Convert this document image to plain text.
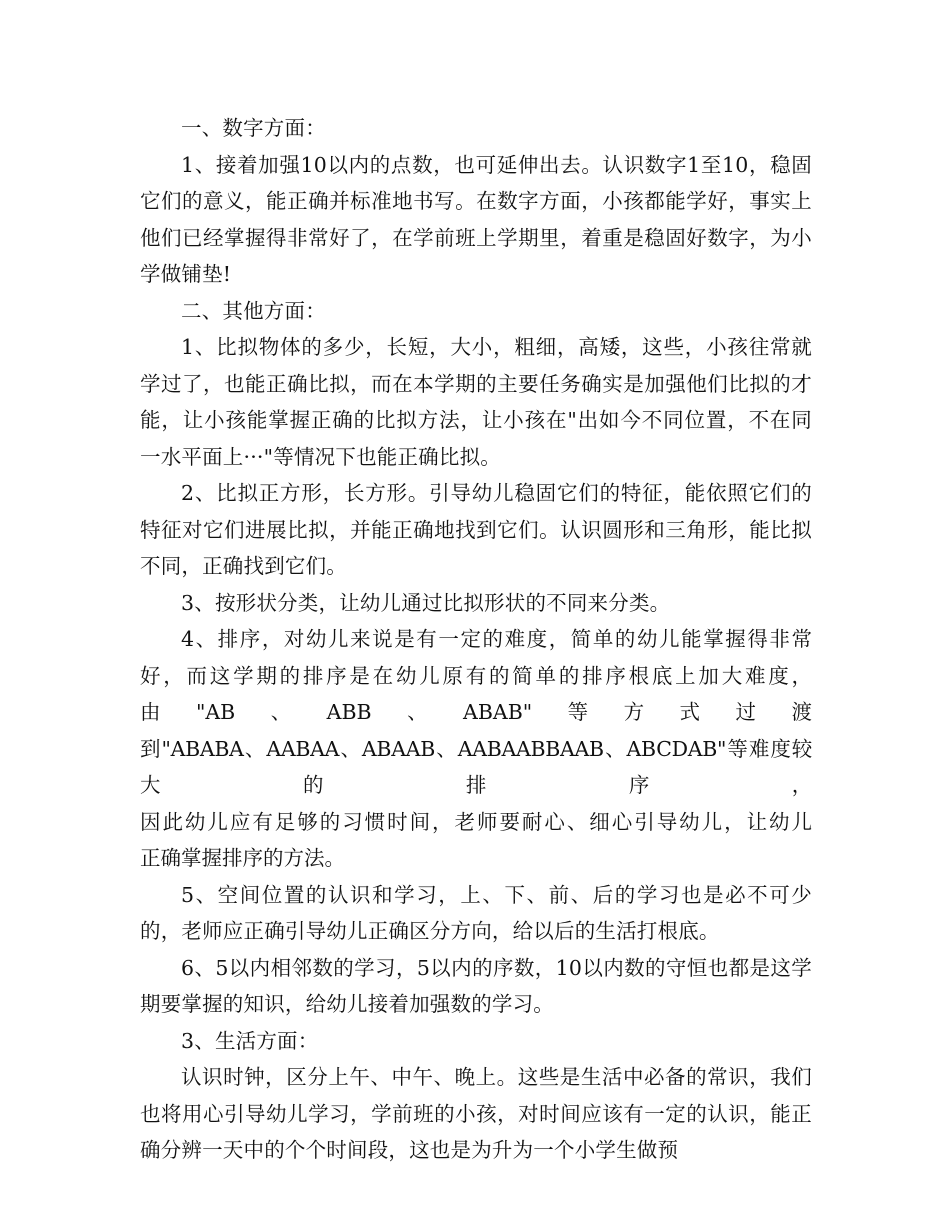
一、数字方面：

1、接着加强10以内的点数，也可延伸出去。认识数字1至10，稳固它们的意义，能正确并标准地书写。在数字方面，小孩都能学好，事实上他们已经掌握得非常好了，在学前班上学期里，着重是稳固好数字，为小学做铺垫!

二、其他方面：

1、比拟物体的多少，长短，大小，粗细，高矮，这些，小孩往常就学过了，也能正确比拟，而在本学期的主要任务确实是加强他们比拟的才能，让小孩能掌握正确的比拟方法，让小孩在"出如今不同位置，不在同一水平面上···"等情况下也能正确比拟。

2、比拟正方形，长方形。引导幼儿稳固它们的特征，能依照它们的特征对它们进展比拟，并能正确地找到它们。认识圆形和三角形，能比拟不同，正确找到它们。

3、按形状分类，让幼儿通过比拟形状的不同来分类。

4、排序，对幼儿来说是有一定的难度，简单的幼儿能掌握得非常
好，而这学期的排序是在幼儿原有的简单的排序根底上加大难度，
由 "AB 、 ABB 、 ABAB" 等 方 式 过 渡
到"ABABA、AABAA、ABAAB、AABAABBAAB、ABCDAB"等难度较大的排序，
因此幼儿应有足够的习惯时间，老师要耐心、细心引导幼儿，让幼儿
正确掌握排序的方法。

5、空间位置的认识和学习，上、下、前、后的学习也是必不可少的，老师应正确引导幼儿正确区分方向，给以后的生活打根底。

6、5以内相邻数的学习，5以内的序数，10以内数的守恒也都是这学期要掌握的知识，给幼儿接着加强数的学习。

3、生活方面：

认识时钟，区分上午、中午、晚上。这些是生活中必备的常识，我们也将用心引导幼儿学习，学前班的小孩，对时间应该有一定的认识，能正确分辨一天中的个个时间段，这也是为升为一个小学生做预
